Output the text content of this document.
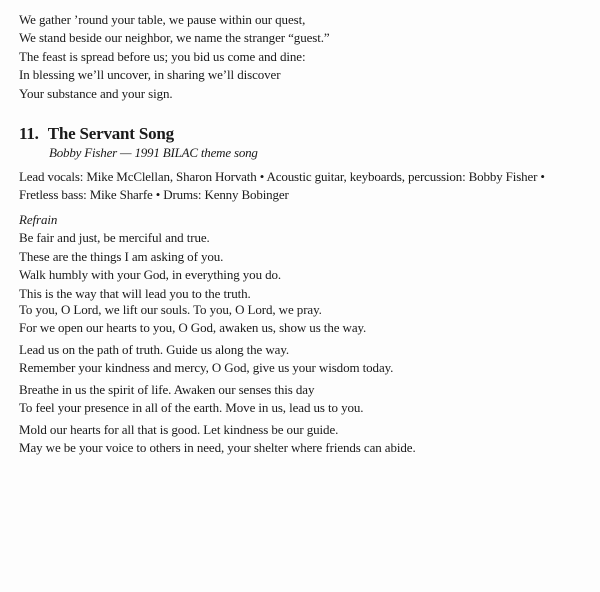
We gather ’round your table, we pause within our quest,
We stand beside our neighbor, we name the stranger “guest.”
The feast is spread before us; you bid us come and dine:
In blessing we’ll uncover, in sharing we’ll discover
Your substance and your sign.
11. The Servant Song
Bobby Fisher — 1991 BILAC theme song
Lead vocals: Mike McClellan, Sharon Horvath • Acoustic guitar, keyboards, percussion: Bobby Fisher • Fretless bass: Mike Sharfe • Drums: Kenny Bobinger
Refrain
Be fair and just, be merciful and true.
These are the things I am asking of you.
Walk humbly with your God, in everything you do.
This is the way that will lead you to the truth.
To you, O Lord, we lift our souls. To you, O Lord, we pray.
For we open our hearts to you, O God, awaken us, show us the way.
Lead us on the path of truth. Guide us along the way.
Remember your kindness and mercy, O God, give us your wisdom today.
Breathe in us the spirit of life. Awaken our senses this day
To feel your presence in all of the earth. Move in us, lead us to you.
Mold our hearts for all that is good. Let kindness be our guide.
May we be your voice to others in need, your shelter where friends can abide.
